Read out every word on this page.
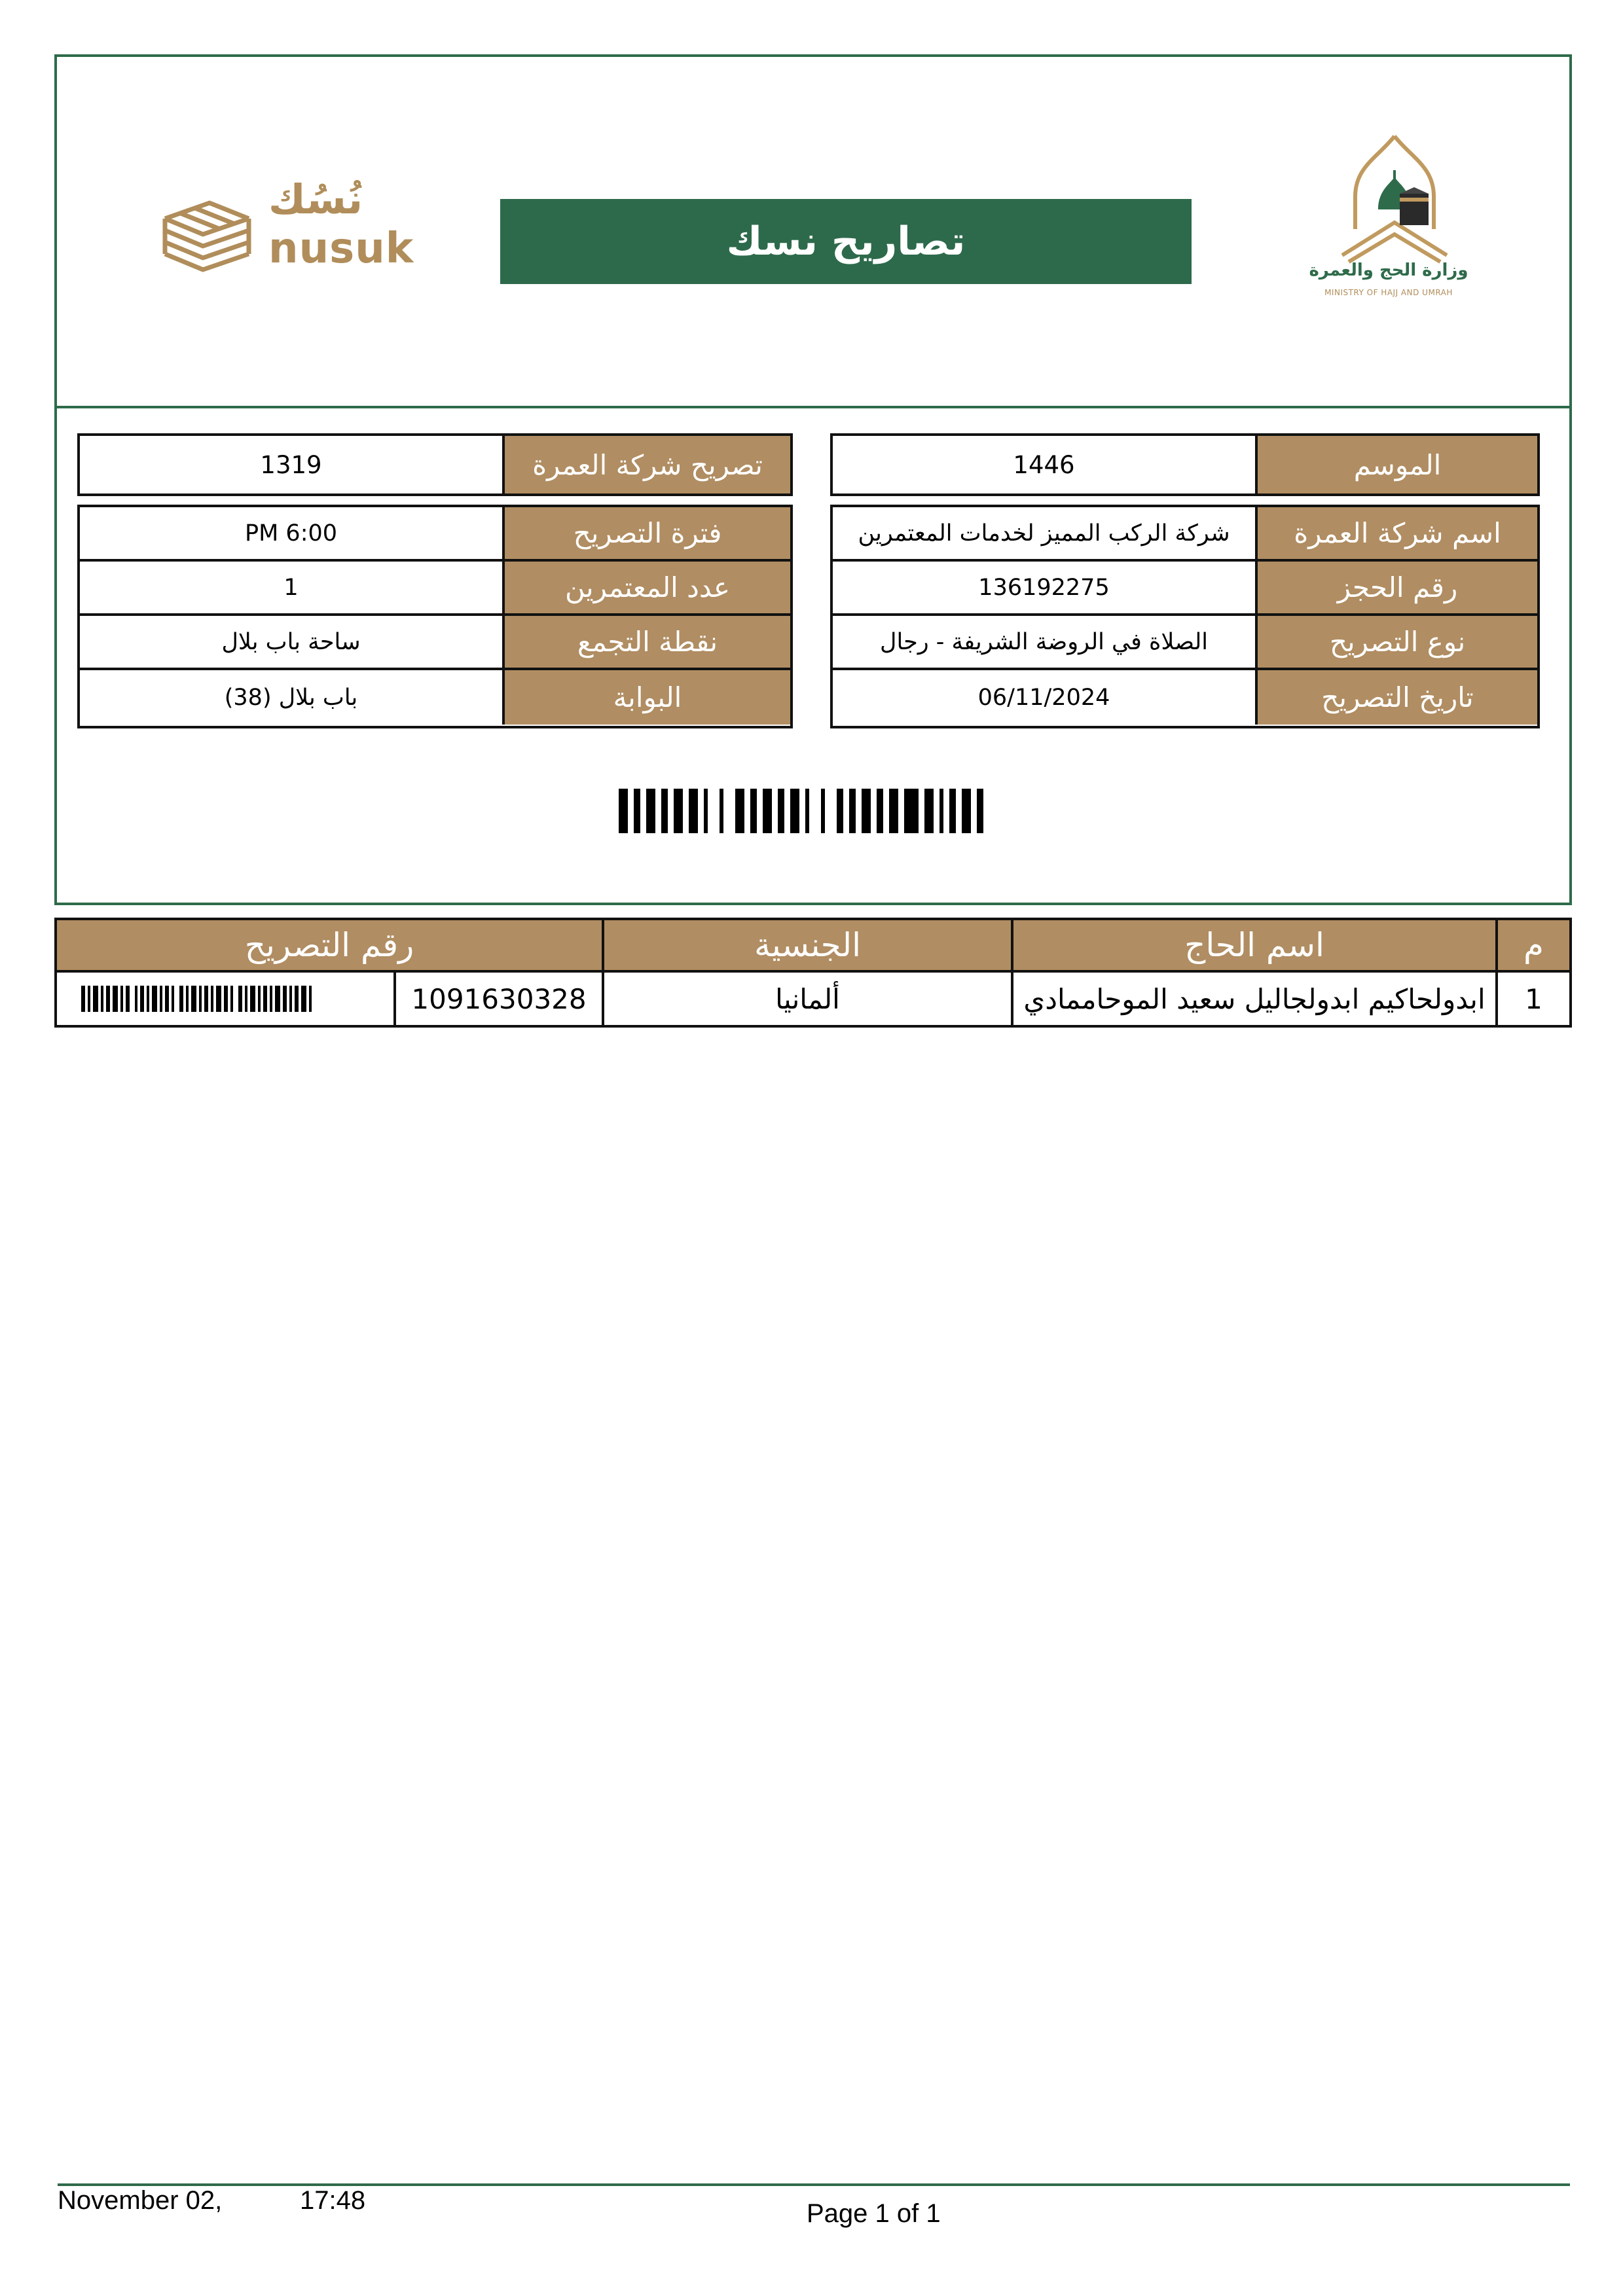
نُسُك
nusuk	تصاريح نسك
وزارة الحج والعمرة
MINISTRY OF HAJJ AND UMRAH
1446	الموسم
1319	تصريح شركة العمرة
شركة الركب المميز لخدمات المعتمرين	اسم شركة العمرة
136192275	رقم الحجز
الصلاة في الروضة الشريفة - رجال	نوع التصريح
06/11/2024	تاريخ التصريح
6:00 PM	فترة التصريح
1	عدد المعتمرين
ساحة باب بلال	نقطة التجمع
باب بلال (38)	البوابة
رقم التصريح	الجنسية	اسم الحاج	م
1091630328	ألمانيا	ابدولحاكيم ابدولجاليل سعيد الموحاممادي	1
November 02,	17:48	Page 1 of 1
